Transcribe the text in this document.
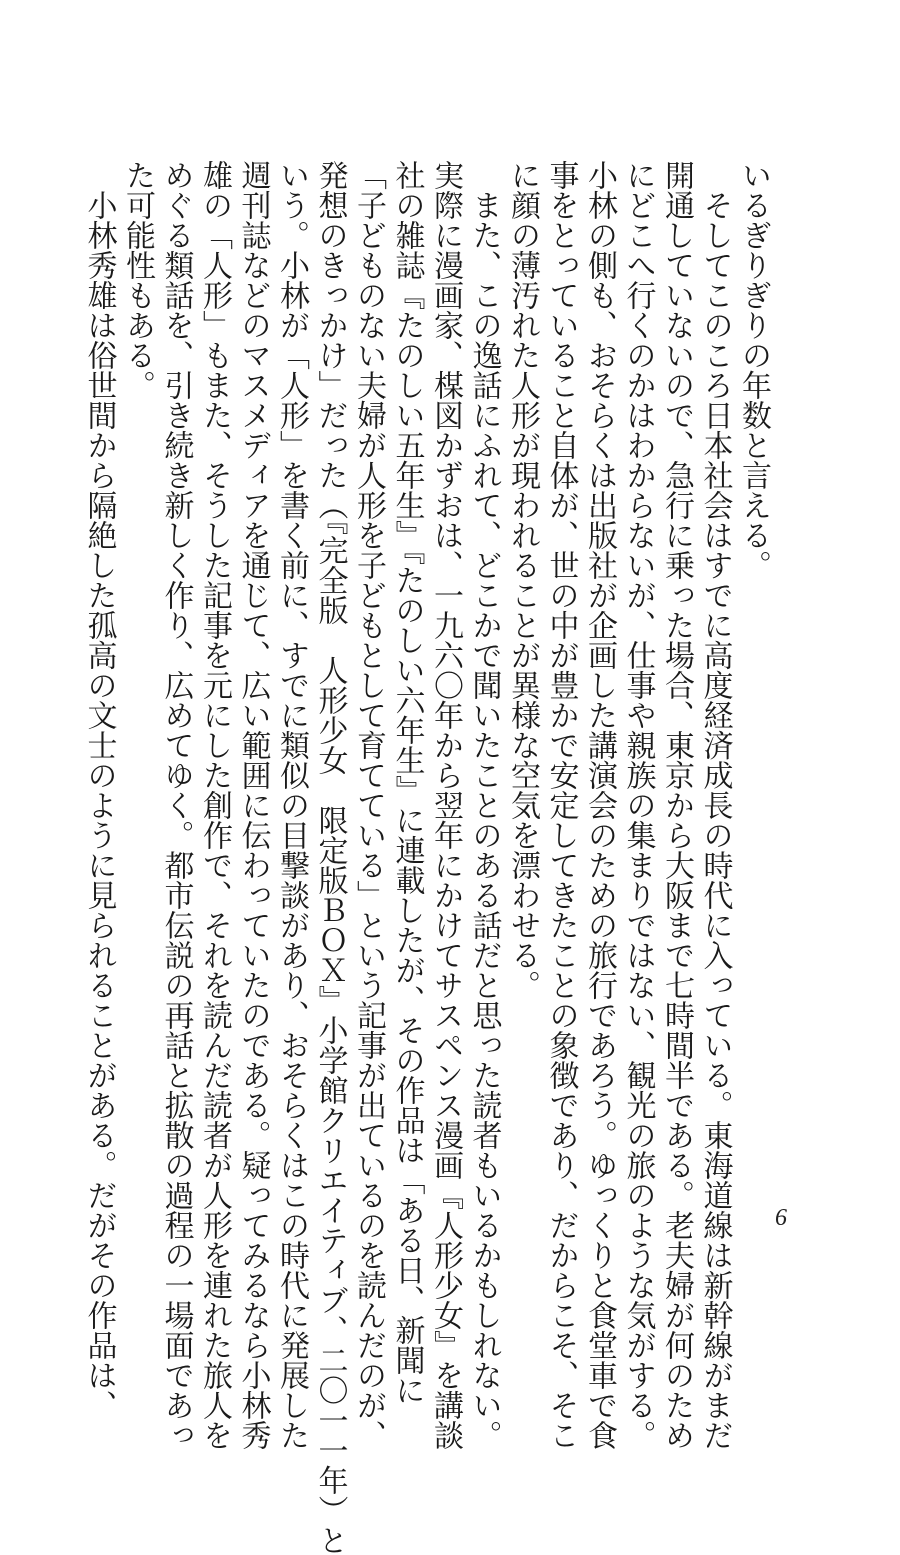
いるぎりぎりの年数と言える。
　そしてこのころ日本社会はすでに高度経済成長の時代に入っている。東海道線は新幹線がまだ
開通していないので、急行に乗った場合、東京から大阪まで七時間半である。老夫婦が何のため
にどこへ行くのかはわからないが、仕事や親族の集まりではない、観光の旅のような気がする。
小林の側も、おそらくは出版社が企画した講演会のための旅行であろう。ゆっくりと食堂車で食
事をとっていること自体が、世の中が豊かで安定してきたことの象徴であり、だからこそ、そこ
に顔の薄汚れた人形が現われることが異様な空気を漂わせる。
　また、この逸話にふれて、どこかで聞いたことのある話だと思った読者もいるかもしれない。
実際に漫画家、楳図かずおは、一九六〇年から翌年にかけてサスペンス漫画『人形少女』を講談
社の雑誌『たのしい五年生』『たのしい六年生』に連載したが、その作品は「ある日、新聞に
「子どものない夫婦が人形を子どもとして育てている」という記事が出ているのを読んだのが、
発想のきっかけ」だった（『完全版　人形少女　限定版ＢＯＸ』小学館クリエイティブ、二〇一一年）と
いう。小林が「人形」を書く前に、すでに類似の目撃談があり、おそらくはこの時代に発展した
週刊誌などのマスメディアを通じて、広い範囲に伝わっていたのである。疑ってみるなら小林秀
雄の「人形」もまた、そうした記事を元にした創作で、それを読んだ読者が人形を連れた旅人を
めぐる類話を、引き続き新しく作り、広めてゆく。都市伝説の再話と拡散の過程の一場面であっ
た可能性もある。
　小林秀雄は俗世間から隔絶した孤高の文士のように見られることがある。だがその作品は、	6
